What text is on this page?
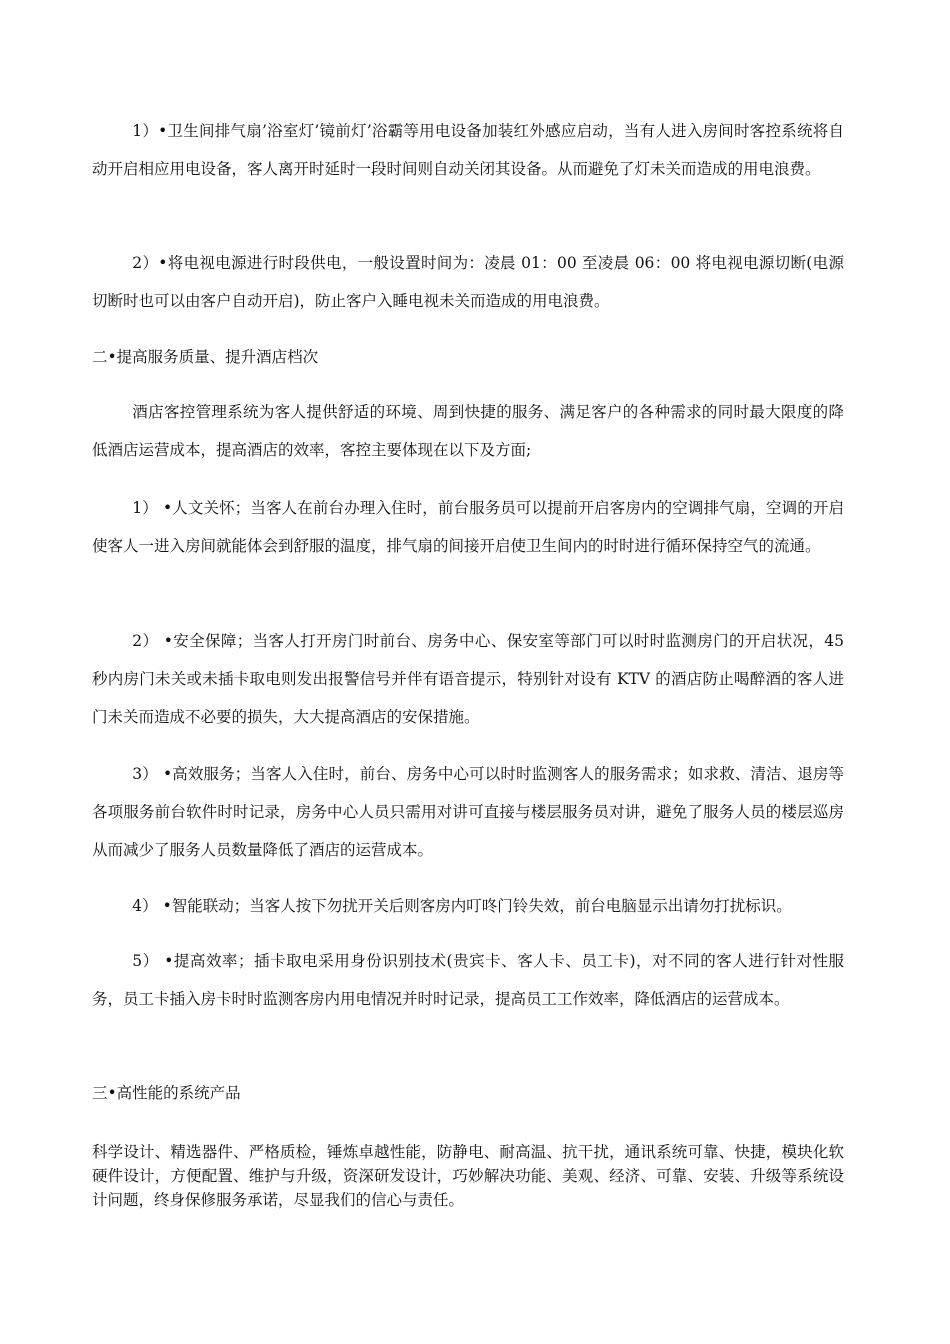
1）•卫生间排气扇’浴室灯’镜前灯’浴霸等用电设备加装红外感应启动，当有人进入房间时客控系统将自动开启相应用电设备，客人离开时延时一段时间则自动关闭其设备。从而避免了灯未关而造成的用电浪费。

2）•将电视电源进行时段供电，一般设置时间为：凌晨 01：00 至凌晨 06：00 将电视电源切断(电源切断时也可以由客户自动开启)，防止客户入睡电视未关而造成的用电浪费。

二•提高服务质量、提升酒店档次

酒店客控管理系统为客人提供舒适的环境、周到快捷的服务、满足客户的各种需求的同时最大限度的降低酒店运营成本，提高酒店的效率，客控主要体现在以下及方面;

1） •人文关怀；当客人在前台办理入住时，前台服务员可以提前开启客房内的空调排气扇，空调的开启使客人一进入房间就能体会到舒服的温度，排气扇的间接开启使卫生间内的时时进行循环保持空气的流通。

2） •安全保障；当客人打开房门时前台、房务中心、保安室等部门可以时时监测房门的开启状况，45 秒内房门未关或未插卡取电则发出报警信号并伴有语音提示，特别针对设有 KTV 的酒店防止喝醉酒的客人进门未关而造成不必要的损失，大大提高酒店的安保措施。

3） •高效服务；当客人入住时，前台、房务中心可以时时监测客人的服务需求；如求救、清洁、退房等各项服务前台软件时时记录，房务中心人员只需用对讲可直接与楼层服务员对讲，避免了服务人员的楼层巡房从而减少了服务人员数量降低了酒店的运营成本。

4） •智能联动；当客人按下勿扰开关后则客房内叮咚门铃失效，前台电脑显示出请勿打扰标识。

5） •提高效率；插卡取电采用身份识别技术(贵宾卡、客人卡、员工卡)，对不同的客人进行针对性服务，员工卡插入房卡时时监测客房内用电情况并时时记录，提高员工工作效率，降低酒店的运营成本。

三•高性能的系统产品

科学设计、精选器件、严格质检，锤炼卓越性能，防静电、耐高温、抗干扰，通讯系统可靠、快捷，模块化软硬件设计，方便配置、维护与升级，资深研发设计，巧妙解决功能、美观、经济、可靠、安装、升级等系统设计问题，终身保修服务承诺，尽显我们的信心与责任。
